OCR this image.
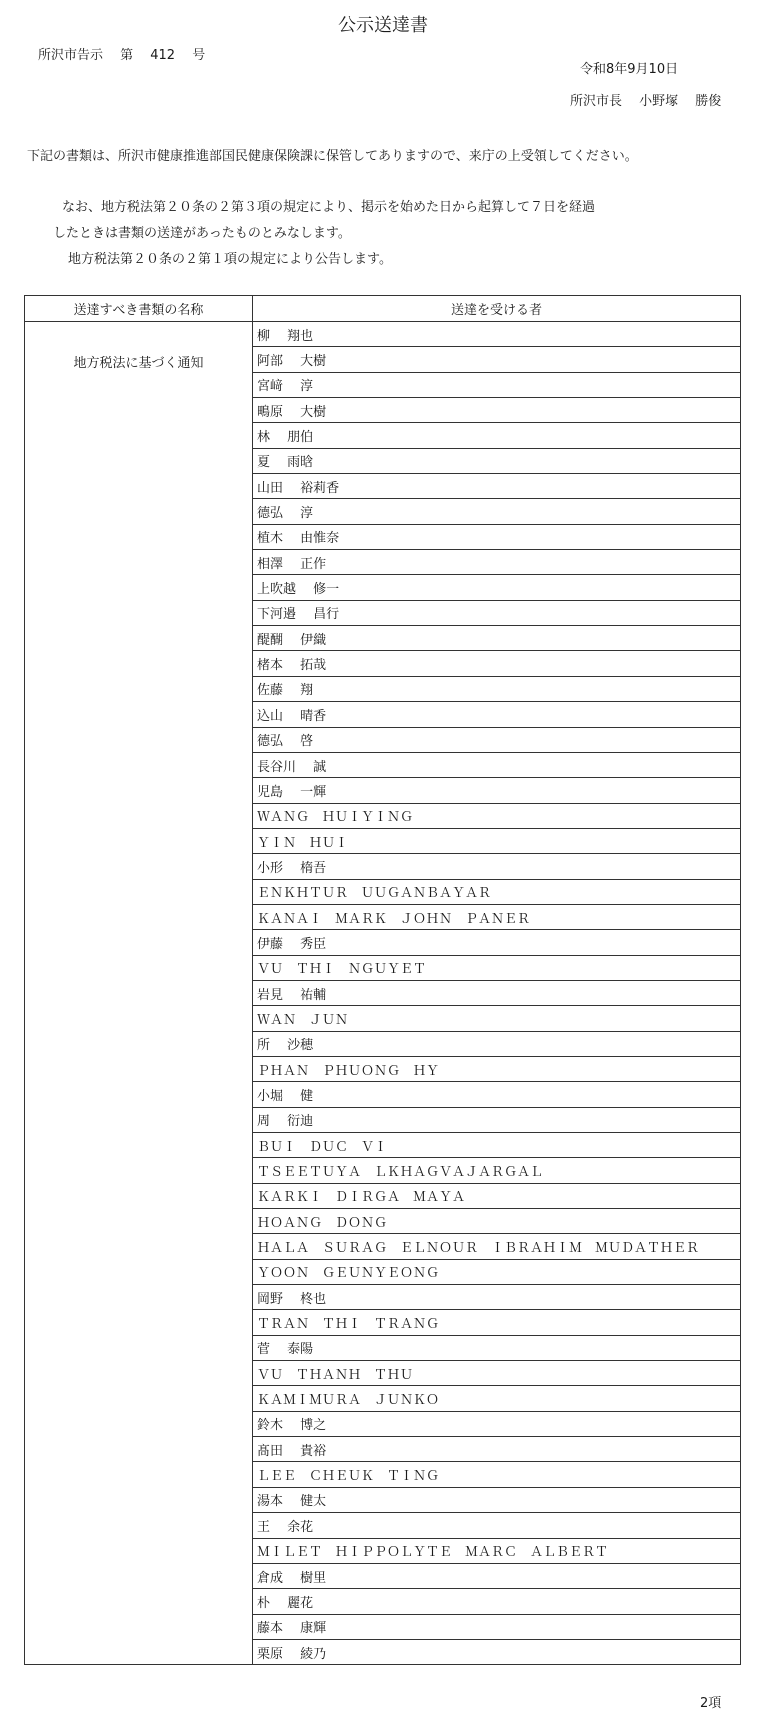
公示送達書
所沢市告示　 第　 412　 号
令和8年9月10日
所沢市長　 小野塚　 勝俊
下記の書類は、所沢市健康推進部国民健康保険課に保管してありますので、来庁の上受領してください。
なお、地方税法第２０条の２第３項の規定により、掲示を始めた日から起算して７日を経過
したときは書類の送達があったものとみなします。
地方税法第２０条の２第１項の規定により公告します。
送達すべき書類の名称	送達を受ける者
地方税法に基づく通知	柳　 翔也
	阿部　 大樹
	宮﨑　 淳
	鴫原　 大樹
	林　 朋伯
	夏　 雨晗
	山田　 裕莉香
	德弘　 淳
	植木　 由惟奈
	相澤　 正作
	上吹越　 修一
	下河邉　 昌行
	醍醐　 伊織
	楮本　 拓哉
	佐藤　 翔
	込山　 晴香
	德弘　 啓
	長谷川　 誠
	児島　 一輝
	ＷＡＮＧ　ＨＵＩＹＩＮＧ
	ＹＩＮ　ＨＵＩ
	小形　 楕吾
	ＥＮＫＨＴＵＲ　ＵＵＧＡＮＢＡＹＡＲ
	ＫＡＮＡＩ　ＭＡＲＫ　ＪＯＨＮ　ＰＡＮＥＲ
	伊藤　 秀臣
	ＶＵ　ＴＨＩ　ＮＧＵＹＥＴ
	岩見　 祐輔
	ＷＡＮ　ＪＵＮ
	所　 沙穂
	ＰＨＡＮ　ＰＨＵＯＮＧ　ＨＹ
	小堀　 健
	周　 衍迪
	ＢＵＩ　ＤＵＣ　ＶＩ
	ＴＳＥＥＴＵＹＡ　ＬＫＨＡＧＶＡＪＡＲＧＡＬ
	ＫＡＲＫＩ　ＤＩＲＧＡ　ＭＡＹＡ
	ＨＯＡＮＧ　ＤＯＮＧ
	ＨＡＬＡ　ＳＵＲＡＧ　ＥＬＮＯＵＲ　ＩＢＲＡＨＩＭ　ＭＵＤＡＴＨＥＲ
	ＹＯＯＮ　ＧＥＵＮＹＥＯＮＧ
	岡野　 柊也
	ＴＲＡＮ　ＴＨＩ　ＴＲＡＮＧ
	菅　 泰陽
	ＶＵ　ＴＨＡＮＨ　ＴＨＵ
	ＫＡＭＩＭＵＲＡ　ＪＵＮＫＯ
	鈴木　 博之
	髙田　 貴裕
	ＬＥＥ　ＣＨＥＵＫ　ＴＩＮＧ
	湯本　 健太
	王　 余花
	ＭＩＬＥＴ　ＨＩＰＰＯＬＹＴＥ　ＭＡＲＣ　ＡＬＢＥＲＴ
	倉成　 樹里
	朴　 麗花
	藤本　 康輝
	栗原　 綾乃
2項
